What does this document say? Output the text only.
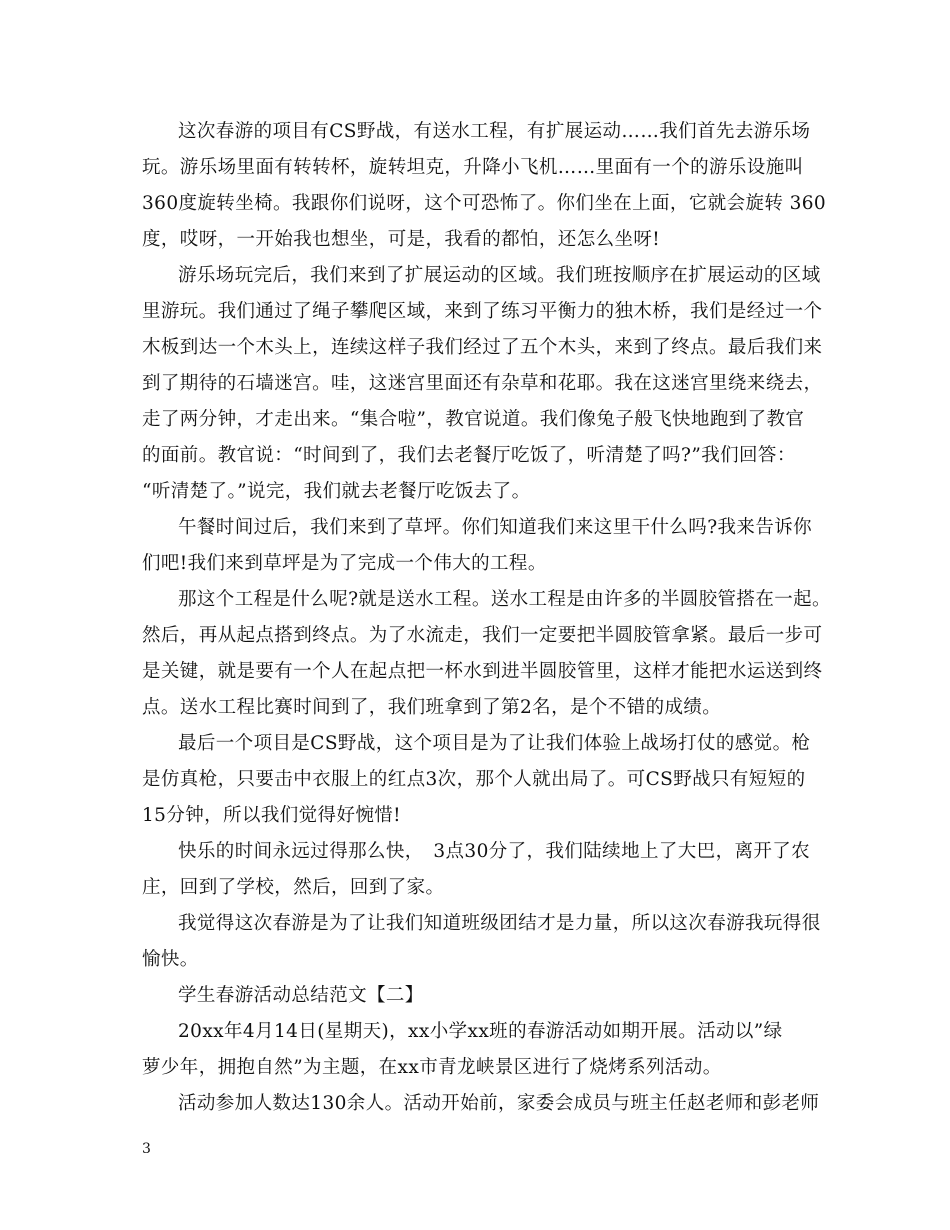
这次春游的项目有CS野战，有送水工程，有扩展运动……我们首先去游乐场
玩。游乐场里面有转转杯，旋转坦克，升降小飞机……里面有一个的游乐设施叫
360度旋转坐椅。我跟你们说呀，这个可恐怖了。你们坐在上面，它就会旋转 360
度，哎呀，一开始我也想坐，可是，我看的都怕，还怎么坐呀!
游乐场玩完后，我们来到了扩展运动的区域。我们班按顺序在扩展运动的区域
里游玩。我们通过了绳子攀爬区域，来到了练习平衡力的独木桥，我们是经过一个
木板到达一个木头上，连续这样子我们经过了五个木头，来到了终点。最后我们来
到了期待的石墙迷宫。哇，这迷宫里面还有杂草和花耶。我在这迷宫里绕来绕去，
走了两分钟，才走出来。“集合啦”，教官说道。我们像兔子般飞快地跑到了教官
的面前。教官说：“时间到了，我们去老餐厅吃饭了，听清楚了吗?”我们回答：
“听清楚了。”说完，我们就去老餐厅吃饭去了。
午餐时间过后，我们来到了草坪。你们知道我们来这里干什么吗?我来告诉你
们吧!我们来到草坪是为了完成一个伟大的工程。
那这个工程是什么呢?就是送水工程。送水工程是由许多的半圆胶管搭在一起。
然后，再从起点搭到终点。为了水流走，我们一定要把半圆胶管拿紧。最后一步可
是关键，就是要有一个人在起点把一杯水到进半圆胶管里，这样才能把水运送到终
点。送水工程比赛时间到了，我们班拿到了第2名，是个不错的成绩。
最后一个项目是CS野战，这个项目是为了让我们体验上战场打仗的感觉。枪
是仿真枪，只要击中衣服上的红点3次，那个人就出局了。可CS野战只有短短的
15分钟，所以我们觉得好惋惜!
快乐的时间永远过得那么快，　3点30分了，我们陆续地上了大巴，离开了农
庄，回到了学校，然后，回到了家。
我觉得这次春游是为了让我们知道班级团结才是力量，所以这次春游我玩得很
愉快。
学生春游活动总结范文【二】
20xx年4月14日(星期天)，xx小学xx班的春游活动如期开展。活动以”绿
萝少年，拥抱自然”为主题，在xx市青龙峡景区进行了烧烤系列活动。
活动参加人数达130余人。活动开始前，家委会成员与班主任赵老师和彭老师
3
